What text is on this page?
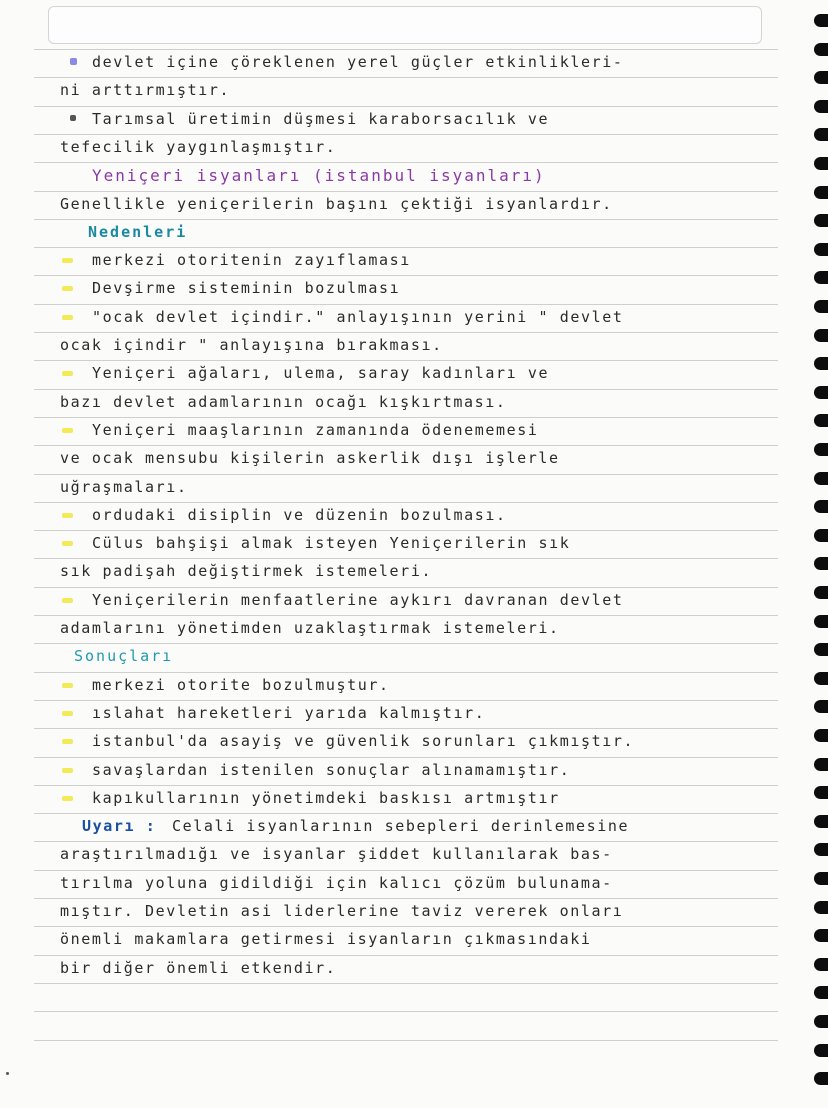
devlet içine çöreklenen yerel güçler etkinlikleri-
ni arttırmıştır.
Tarımsal üretimin düşmesi karaborsacılık ve
tefecilik yaygınlaşmıştır.
Yeniçeri isyanları (istanbul isyanları)
Genellikle yeniçerilerin başını çektiği isyanlardır.
Nedenleri
merkezi otoritenin zayıflaması
Devşirme sisteminin bozulması
"ocak devlet içindir." anlayışının yerini " devlet
ocak içindir " anlayışına bırakması.
Yeniçeri ağaları, ulema, saray kadınları ve
bazı devlet adamlarının ocağı kışkırtması.
Yeniçeri maaşlarının zamanında ödenememesi
ve ocak mensubu kişilerin askerlik dışı işlerle
uğraşmaları.
ordudaki disiplin ve düzenin bozulması.
Cülus bahşişi almak isteyen Yeniçerilerin sık
sık padişah değiştirmek istemeleri.
Yeniçerilerin menfaatlerine aykırı davranan devlet
adamlarını yönetimden uzaklaştırmak istemeleri.
Sonuçları
merkezi otorite bozulmuştur.
ıslahat hareketleri yarıda kalmıştır.
istanbul'da asayiş ve güvenlik sorunları çıkmıştır.
savaşlardan istenilen sonuçlar alınamamıştır.
kapıkullarının yönetimdeki baskısı artmıştır
Uyarı : Celali isyanlarının sebepleri derinlemesine
araştırılmadığı ve isyanlar şiddet kullanılarak bas-
tırılma yoluna gidildiği için kalıcı çözüm bulunama-
mıştır. Devletin asi liderlerine taviz vererek onları
önemli makamlara getirmesi isyanların çıkmasındaki
bir diğer önemli etkendir.
